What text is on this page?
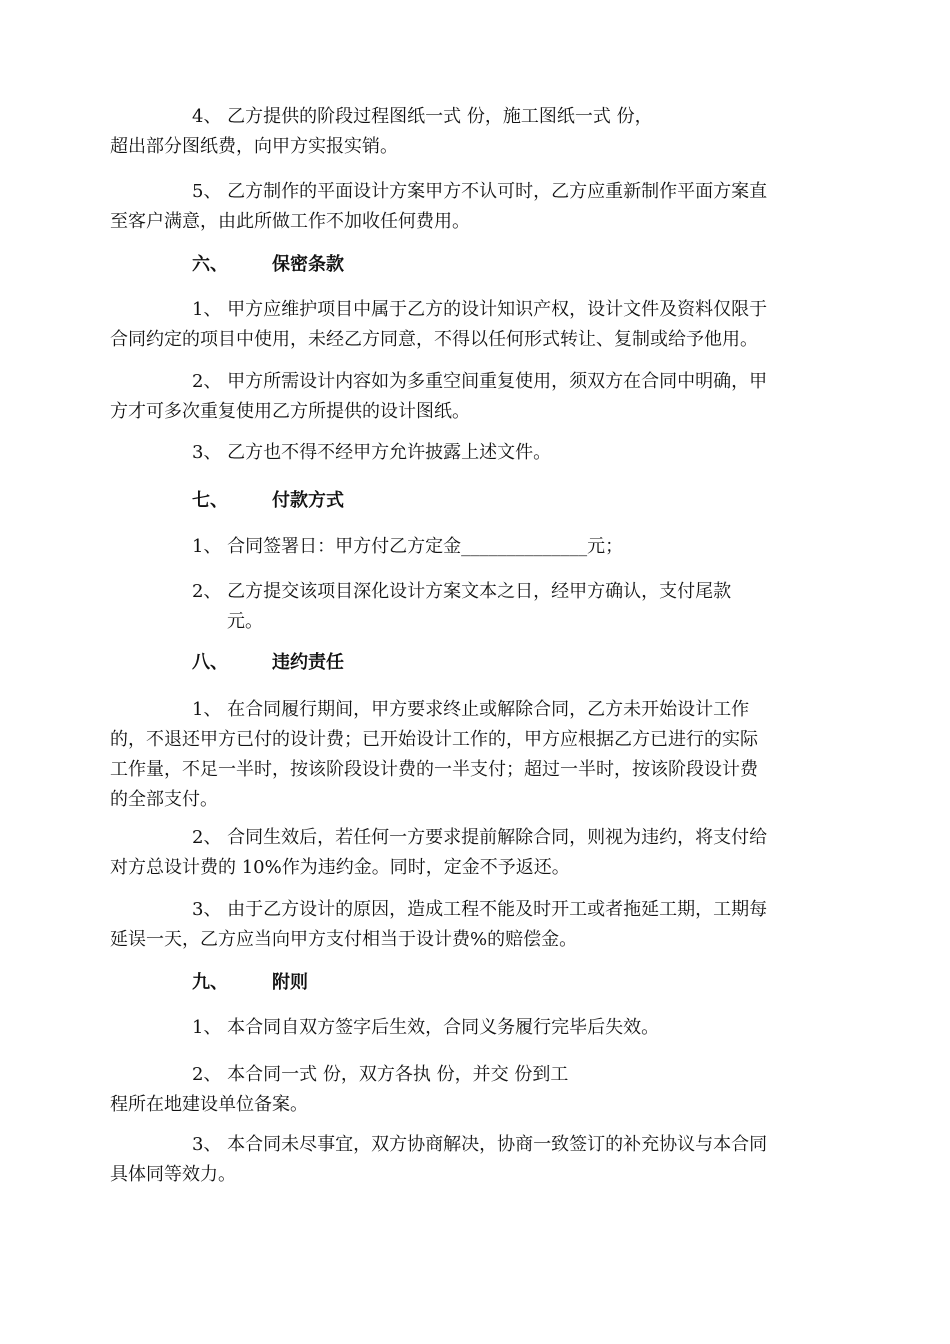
4、 乙方提供的阶段过程图纸一式 份，施工图纸一式 份，
超出部分图纸费，向甲方实报实销。
5、 乙方制作的平面设计方案甲方不认可时，乙方应重新制作平面方案直
至客户满意，由此所做工作不加收任何费用。
六、 保密条款
1、 甲方应维护项目中属于乙方的设计知识产权，设计文件及资料仅限于
合同约定的项目中使用，未经乙方同意，不得以任何形式转让、复制或给予他用。
2、 甲方所需设计内容如为多重空间重复使用，须双方在合同中明确，甲
方才可多次重复使用乙方所提供的设计图纸。
3、 乙方也不得不经甲方允许披露上述文件。
七、 付款方式
1、 合同签署日：甲方付乙方定金______________元；
2、 乙方提交该项目深化设计方案文本之日，经甲方确认，支付尾款
元。
八、 违约责任
1、 在合同履行期间，甲方要求终止或解除合同，乙方未开始设计工作
的，不退还甲方已付的设计费；已开始设计工作的，甲方应根据乙方已进行的实际
工作量，不足一半时，按该阶段设计费的一半支付；超过一半时，按该阶段设计费
的全部支付。
2、 合同生效后，若任何一方要求提前解除合同，则视为违约，将支付给
对方总设计费的 10%作为违约金。同时，定金不予返还。
3、 由于乙方设计的原因，造成工程不能及时开工或者拖延工期，工期每
延误一天，乙方应当向甲方支付相当于设计费%的赔偿金。
九、 附则
1、 本合同自双方签字后生效，合同义务履行完毕后失效。
2、 本合同一式 份，双方各执 份，并交 份到工
程所在地建设单位备案。
3、 本合同未尽事宜，双方协商解决，协商一致签订的补充协议与本合同
具体同等效力。
